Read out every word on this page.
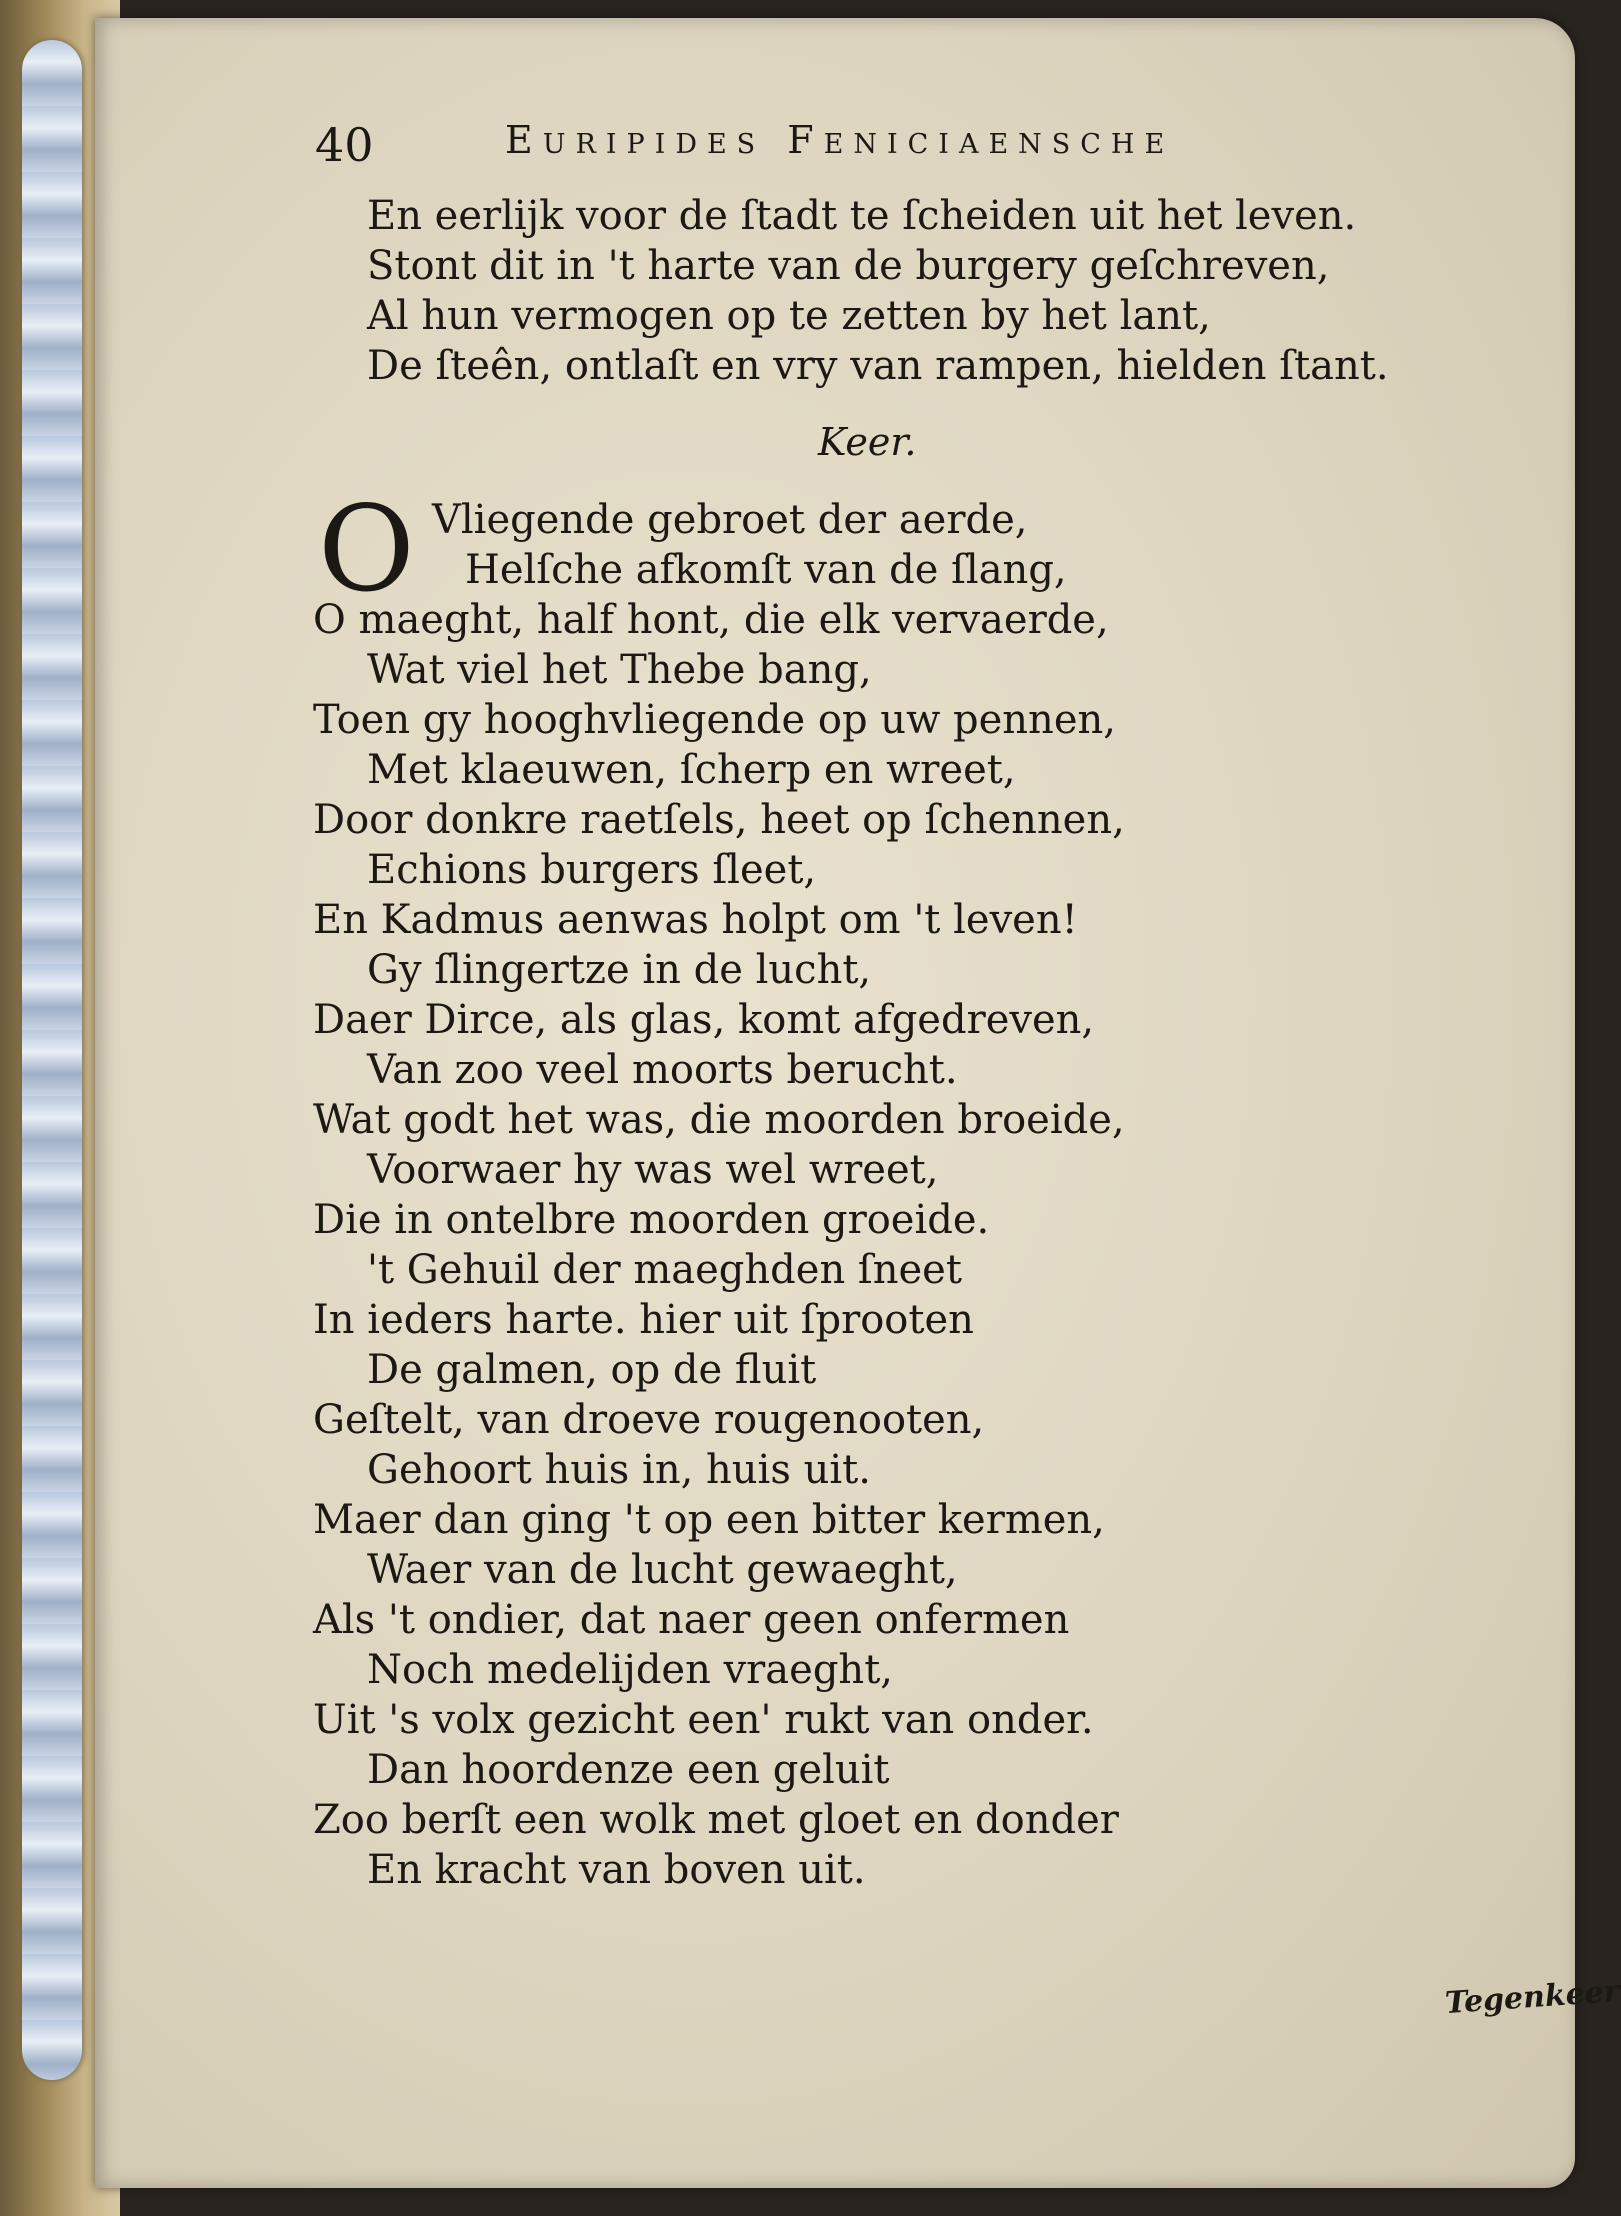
40	Euripides Feniciaensche
En eerlijk voor de ſtadt te ſcheiden uit het leven.
Stont dit in 't harte van de burgery geſchreven,
Al hun vermogen op te zetten by het lant,
De ſteên, ontlaſt en vry van rampen, hielden ſtant.
Keer.
O Vliegende gebroet der aerde,
Helſche afkomſt van de ſlang,
O maeght, half hont, die elk vervaerde,
Wat viel het Thebe bang,
Toen gy hooghvliegende op uw pennen,
Met klaeuwen, ſcherp en wreet,
Door donkre raetſels, heet op ſchennen,
Echions burgers ſleet,
En Kadmus aenwas holpt om 't leven!
Gy ſlingertze in de lucht,
Daer Dirce, als glas, komt afgedreven,
Van zoo veel moorts berucht.
Wat godt het was, die moorden broeide,
Voorwaer hy was wel wreet,
Die in ontelbre moorden groeide.
't Gehuil der maeghden ſneet
In ieders harte. hier uit ſprooten
De galmen, op de fluit
Geſtelt, van droeve rougenooten,
Gehoort huis in, huis uit.
Maer dan ging 't op een bitter kermen,
Waer van de lucht gewaeght,
Als 't ondier, dat naer geen onfermen
Noch medelijden vraeght,
Uit 's volx gezicht een' rukt van onder.
Dan hoordenze een geluit
Zoo berſt een wolk met gloet en donder
En kracht van boven uit.
Tegenkeer
